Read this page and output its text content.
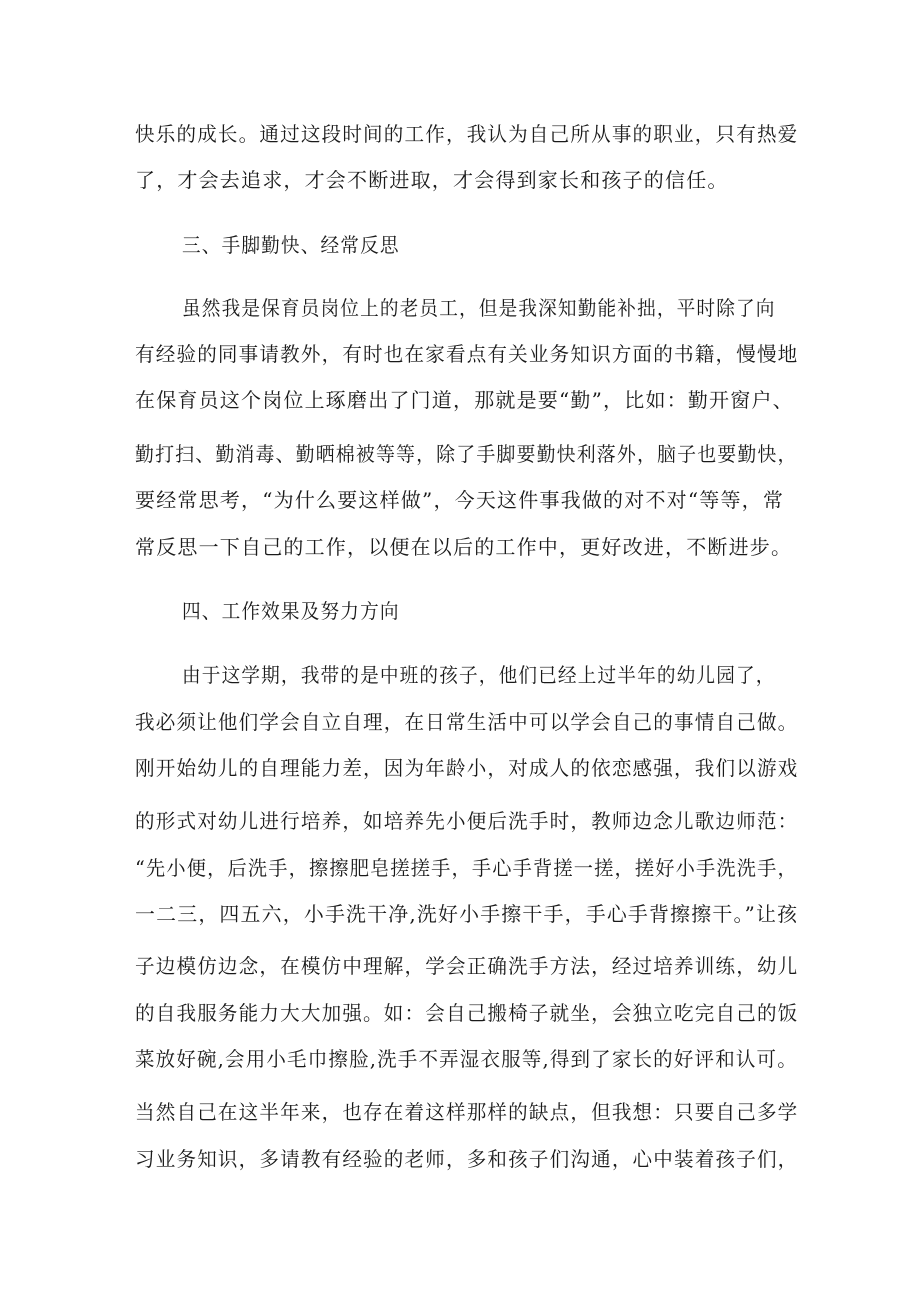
快乐的成长。通过这段时间的工作，我认为自己所从事的职业，只有热爱
了，才会去追求，才会不断进取，才会得到家长和孩子的信任。
三、手脚勤快、经常反思
虽然我是保育员岗位上的老员工，但是我深知勤能补拙，平时除了向
有经验的同事请教外，有时也在家看点有关业务知识方面的书籍，慢慢地
在保育员这个岗位上琢磨出了门道，那就是要“勤”，比如：勤开窗户、
勤打扫、勤消毒、勤晒棉被等等，除了手脚要勤快利落外，脑子也要勤快，
要经常思考，“为什么要这样做”，今天这件事我做的对不对“等等，常
常反思一下自己的工作，以便在以后的工作中，更好改进，不断进步。
四、工作效果及努力方向
由于这学期，我带的是中班的孩子，他们已经上过半年的幼儿园了，
我必须让他们学会自立自理，在日常生活中可以学会自己的事情自己做。
刚开始幼儿的自理能力差，因为年龄小，对成人的依恋感强，我们以游戏
的形式对幼儿进行培养，如培养先小便后洗手时，教师边念儿歌边师范：
“先小便，后洗手，擦擦肥皂搓搓手，手心手背搓一搓，搓好小手洗洗手，
一二三，四五六，小手洗干净,洗好小手擦干手，手心手背擦擦干。”让孩
子边模仿边念，在模仿中理解，学会正确洗手方法，经过培养训练，幼儿
的自我服务能力大大加强。如：会自己搬椅子就坐，会独立吃完自己的饭
菜放好碗,会用小毛巾擦脸,洗手不弄湿衣服等,得到了家长的好评和认可。
当然自己在这半年来，也存在着这样那样的缺点，但我想：只要自己多学
习业务知识，多请教有经验的老师，多和孩子们沟通，心中装着孩子们，
